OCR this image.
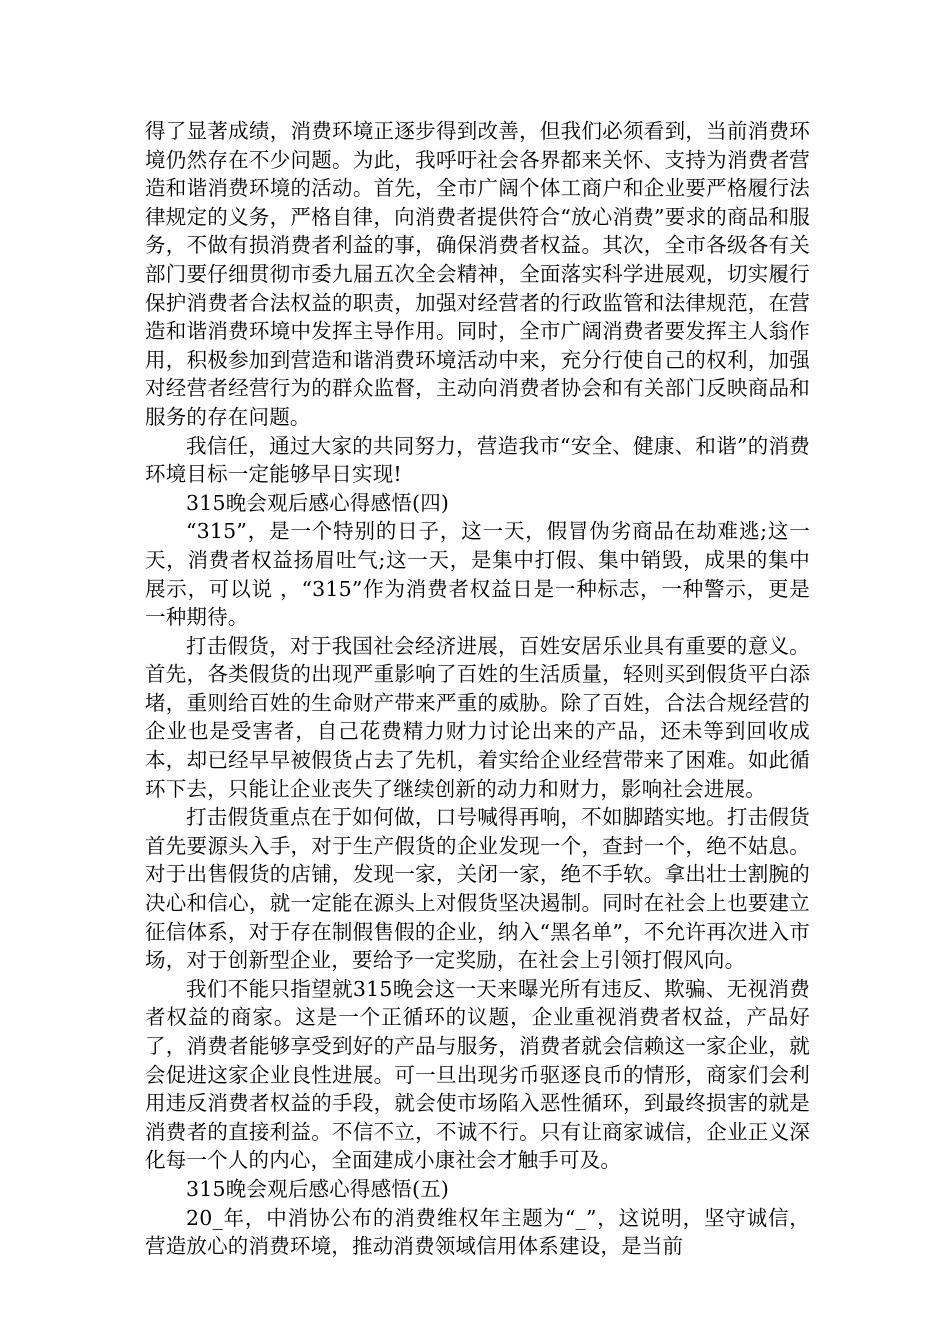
得了显著成绩，消费环境正逐步得到改善，但我们必须看到，当前消费环境仍然存在不少问题。为此，我呼吁社会各界都来关怀、支持为消费者营造和谐消费环境的活动。首先，全市广阔个体工商户和企业要严格履行法律规定的义务，严格自律，向消费者提供符合“放心消费”要求的商品和服务，不做有损消费者利益的事，确保消费者权益。其次，全市各级各有关部门要仔细贯彻市委九届五次全会精神，全面落实科学进展观，切实履行保护消费者合法权益的职责，加强对经营者的行政监管和法律规范，在营造和谐消费环境中发挥主导作用。同时，全市广阔消费者要发挥主人翁作用，积极参加到营造和谐消费环境活动中来，充分行使自己的权利，加强对经营者经营行为的群众监督，主动向消费者协会和有关部门反映商品和服务的存在问题。

我信任，通过大家的共同努力，营造我市“安全、健康、和谐”的消费环境目标一定能够早日实现!

315晚会观后感心得感悟(四)

“315”，是一个特别的日子，这一天，假冒伪劣商品在劫难逃;这一天，消费者权益扬眉吐气;这一天，是集中打假、集中销毁，成果的集中展示，可以说 ，“315”作为消费者权益日是一种标志，一种警示，更是一种期待。

打击假货，对于我国社会经济进展，百姓安居乐业具有重要的意义。首先，各类假货的出现严重影响了百姓的生活质量，轻则买到假货平白添堵，重则给百姓的生命财产带来严重的威胁。除了百姓，合法合规经营的企业也是受害者，自己花费精力财力讨论出来的产品，还未等到回收成本，却已经早早被假货占去了先机，着实给企业经营带来了困难。如此循环下去，只能让企业丧失了继续创新的动力和财力，影响社会进展。

打击假货重点在于如何做，口号喊得再响，不如脚踏实地。打击假货首先要源头入手，对于生产假货的企业发现一个，查封一个，绝不姑息。对于出售假货的店铺，发现一家，关闭一家，绝不手软。拿出壮士割腕的决心和信心，就一定能在源头上对假货坚决遏制。同时在社会上也要建立征信体系，对于存在制假售假的企业，纳入“黑名单”，不允许再次进入市场，对于创新型企业，要给予一定奖励，在社会上引领打假风向。

我们不能只指望就315晚会这一天来曝光所有违反、欺骗、无视消费者权益的商家。这是一个正循环的议题，企业重视消费者权益，产品好了，消费者能够享受到好的产品与服务，消费者就会信赖这一家企业，就会促进这家企业良性进展。可一旦出现劣币驱逐良币的情形，商家们会利用违反消费者权益的手段，就会使市场陷入恶性循环，到最终损害的就是消费者的直接利益。不信不立，不诚不行。只有让商家诚信，企业正义深化每一个人的内心，全面建成小康社会才触手可及。

315晚会观后感心得感悟(五)

20_年，中消协公布的消费维权年主题为“_”，这说明，坚守诚信，营造放心的消费环境，推动消费领域信用体系建设，是当前
